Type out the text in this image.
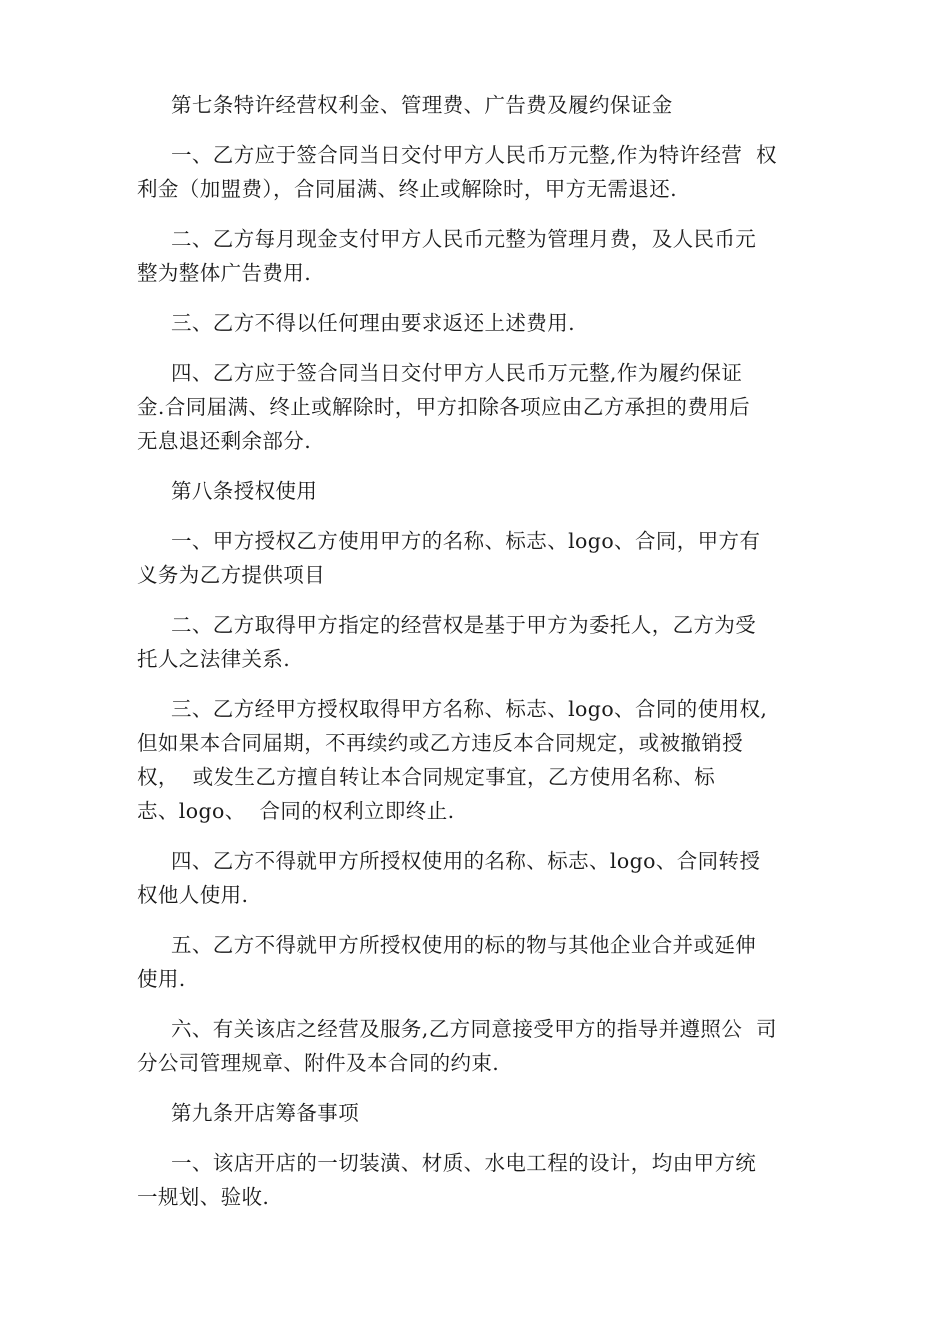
第七条特许经营权利金、管理费、广告费及履约保证金
一、乙方应于签合同当日交付甲方人民币万元整,作为特许经营  权
利金（加盟费），合同届满、终止或解除时，甲方无需退还.
二、乙方每月现金支付甲方人民币元整为管理月费，及人民币元
整为整体广告费用.
三、乙方不得以任何理由要求返还上述费用.
四、乙方应于签合同当日交付甲方人民币万元整,作为履约保证
金.合同届满、终止或解除时，甲方扣除各项应由乙方承担的费用后
无息退还剩余部分.
第八条授权使用
一、甲方授权乙方使用甲方的名称、标志、logo、合同，甲方有
义务为乙方提供项目
二、乙方取得甲方指定的经营权是基于甲方为委托人，乙方为受
托人之法律关系.
三、乙方经甲方授权取得甲方名称、标志、logo、合同的使用权,
但如果本合同届期，不再续约或乙方违反本合同规定，或被撤销授
权，  或发生乙方擅自转让本合同规定事宜，乙方使用名称、标
志、logo、  合同的权利立即终止.
四、乙方不得就甲方所授权使用的名称、标志、logo、合同转授
权他人使用.
五、乙方不得就甲方所授权使用的标的物与其他企业合并或延伸
使用.
六、有关该店之经营及服务,乙方同意接受甲方的指导并遵照公  司
分公司管理规章、附件及本合同的约束.
第九条开店筹备事项
一、该店开店的一切装潢、材质、水电工程的设计，均由甲方统
一规划、验收.
